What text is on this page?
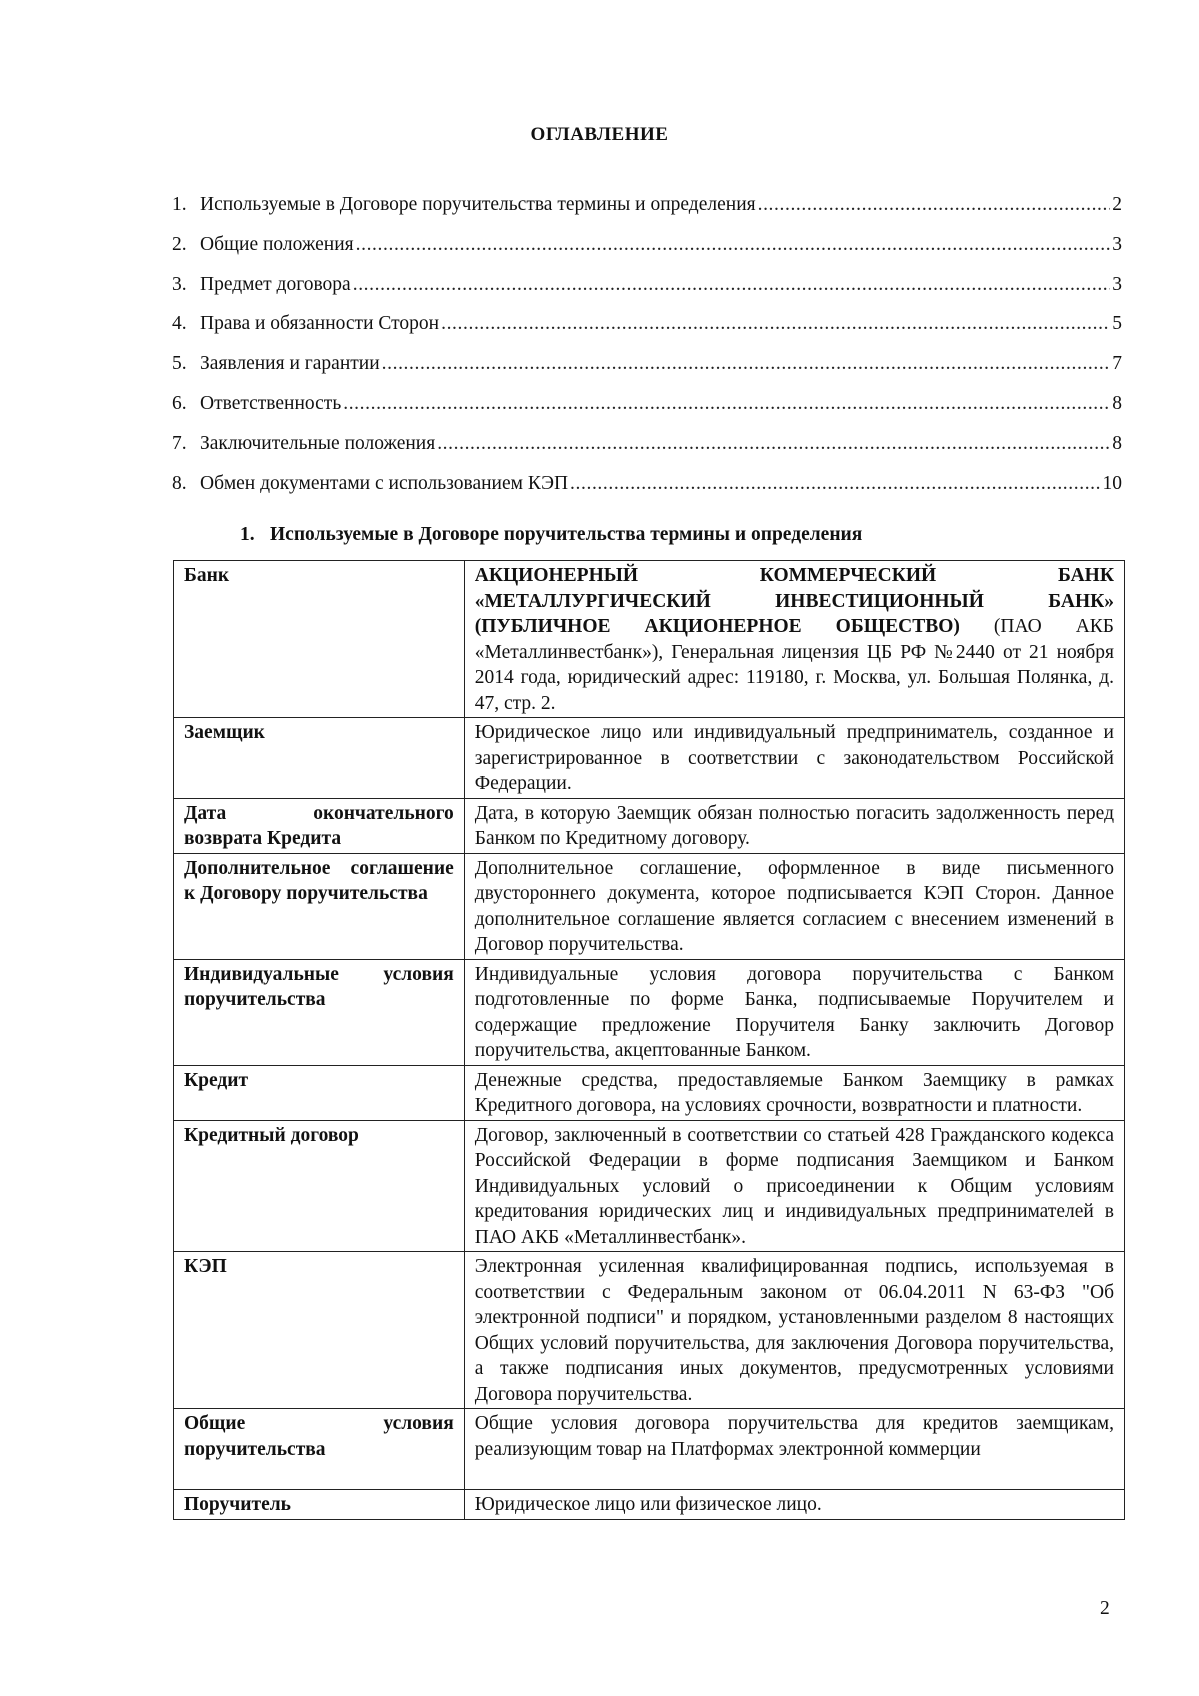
ОГЛАВЛЕНИЕ
1. Используемые в Договоре поручительства термины и определения .....	2
2. Общие положения .....	3
3. Предмет договора .....	3
4. Права и обязанности Сторон .....	5
5. Заявления и гарантии .....	7
6. Ответственность .....	8
7. Заключительные положения .....	8
8. Обмен документами с использованием КЭП .....	10
1. Используемые в Договоре поручительства термины и определения
Банк	АКЦИОНЕРНЫЙ КОММЕРЧЕСКИЙ БАНК «МЕТАЛЛУРГИЧЕСКИЙ ИНВЕСТИЦИОННЫЙ БАНК» (ПУБЛИЧНОЕ АКЦИОНЕРНОЕ ОБЩЕСТВО) (ПАО АКБ «Металлинвестбанк»), Генеральная лицензия ЦБ РФ №2440 от 21 ноября 2014 года, юридический адрес: 119180, г. Москва, ул. Большая Полянка, д. 47, стр. 2.
Заемщик	Юридическое лицо или индивидуальный предприниматель, созданное и зарегистрированное в соответствии с законодательством Российской Федерации.
Дата окончательного возврата Кредита	Дата, в которую Заемщик обязан полностью погасить задолженность перед Банком по Кредитному договору.
Дополнительное соглашение к Договору поручительства	Дополнительное соглашение, оформленное в виде письменного двустороннего документа, которое подписывается КЭП Сторон. Данное дополнительное соглашение является согласием с внесением изменений в Договор поручительства.
Индивидуальные условия поручительства	Индивидуальные условия договора поручительства с Банком подготовленные по форме Банка, подписываемые Поручителем и содержащие предложение Поручителя Банку заключить Договор поручительства, акцептованные Банком.
Кредит	Денежные средства, предоставляемые Банком Заемщику в рамках Кредитного договора, на условиях срочности, возвратности и платности.
Кредитный договор	Договор, заключенный в соответствии со статьей 428 Гражданского кодекса Российской Федерации в форме подписания Заемщиком и Банком Индивидуальных условий о присоединении к Общим условиям кредитования юридических лиц и индивидуальных предпринимателей в ПАО АКБ «Металлинвестбанк».
КЭП	Электронная усиленная квалифицированная подпись, используемая в соответствии с Федеральным законом от 06.04.2011 N 63-ФЗ "Об электронной подписи" и порядком, установленными разделом 8 настоящих Общих условий поручительства, для заключения Договора поручительства, а также подписания иных документов, предусмотренных условиями Договора поручительства.
Общие условия поручительства	Общие условия договора поручительства для кредитов заемщикам, реализующим товар на Платформах электронной коммерции
Поручитель	Юридическое лицо или физическое лицо.
2
